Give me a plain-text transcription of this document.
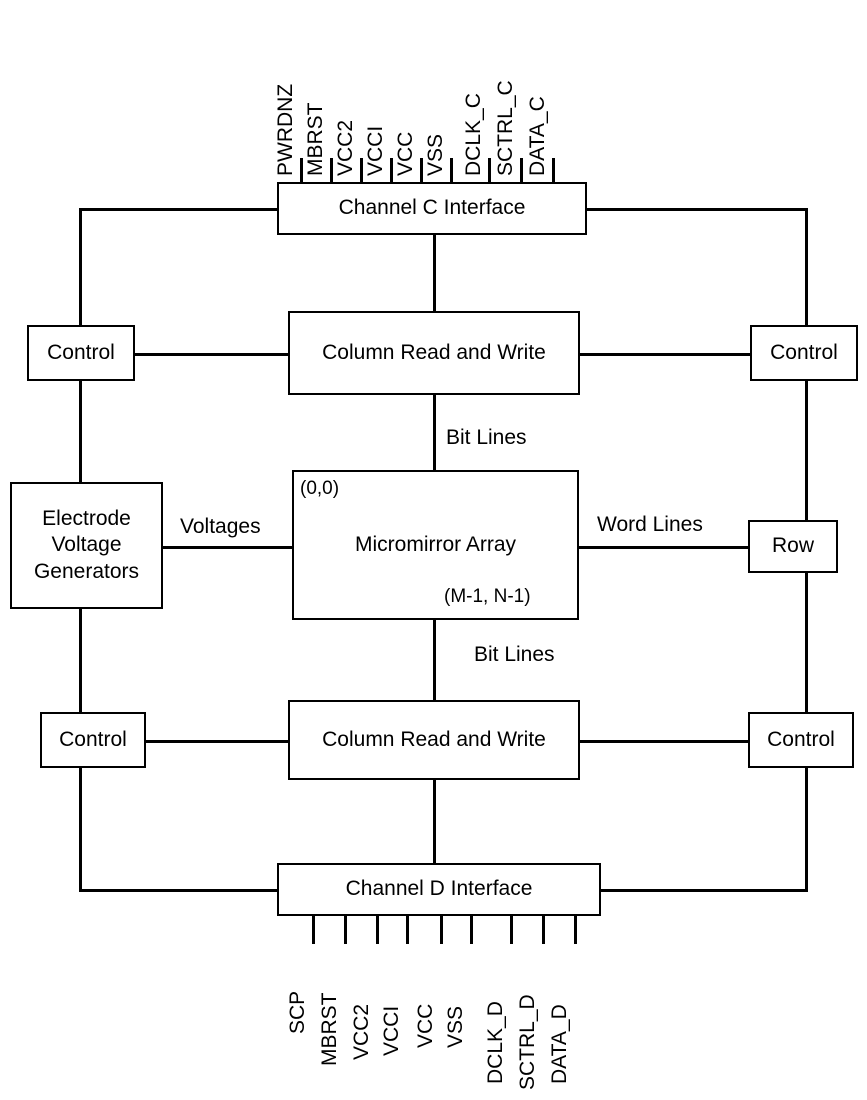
PWRDNZ MBRST VCC2 VCCI VCC VSS DCLK_C SCTRL_C DATA_C
Channel C Interface
Column Read and Write
Control	Control
Micromirror Array
(0,0)
(M-1, N-1)
Electrode Voltage Generators
Row
Column Read and Write
Control	Control
Channel D Interface
Bit Lines
Bit Lines
Voltages	Word Lines
SCP MBRST VCC2 VCCI VCC VSS DCLK_D SCTRL_D DATA_D
